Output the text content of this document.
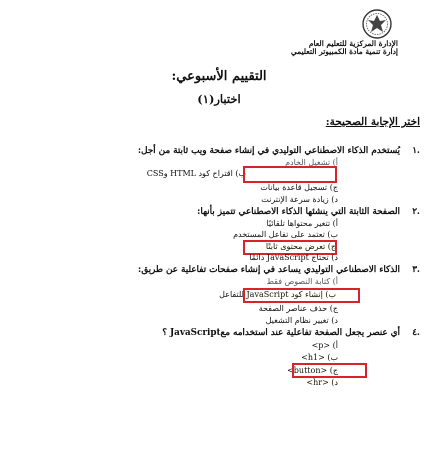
الإدارة المركزية للتعليم العام
إدارة تنمية مادة الكمبيوتر التعليمي
التقييم الأسبوعي:
اختبار(١)
اختر الإجابة الصحيحة:
١.
يُستخدم الذكاء الاصطناعي التوليدي في إنشاء صفحة ويب ثابتة من أجل:
أ) تشغيل الخادم
ب) اقتراح كود HTML وCSS
ج) تسجيل قاعدة بيانات
د) زيادة سرعة الإنترنت
٢.
الصفحة الثابتة التي ينشئها الذكاء الاصطناعي تتميز بأنها:
أ) تتغير محتواها تلقائيًا
ب) تعتمد على تفاعل المستخدم
ج) تعرض محتوى ثابتًا
د) تحتاج JavaScript دائمًا
٣.
الذكاء الاصطناعي التوليدي يساعد في إنشاء صفحات تفاعلية عن طريق:
أ) كتابة النصوص فقط
ب) إنشاء كود JavaScript للتفاعل
ج) حذف عناصر الصفحة
د) تغيير نظام التشغيل
٤.
أي عنصر يجعل الصفحة تفاعلية عند استخدامه معJavaScript ؟
أ) <p>
ب) <h1>
ج) <button>
د) <hr>
